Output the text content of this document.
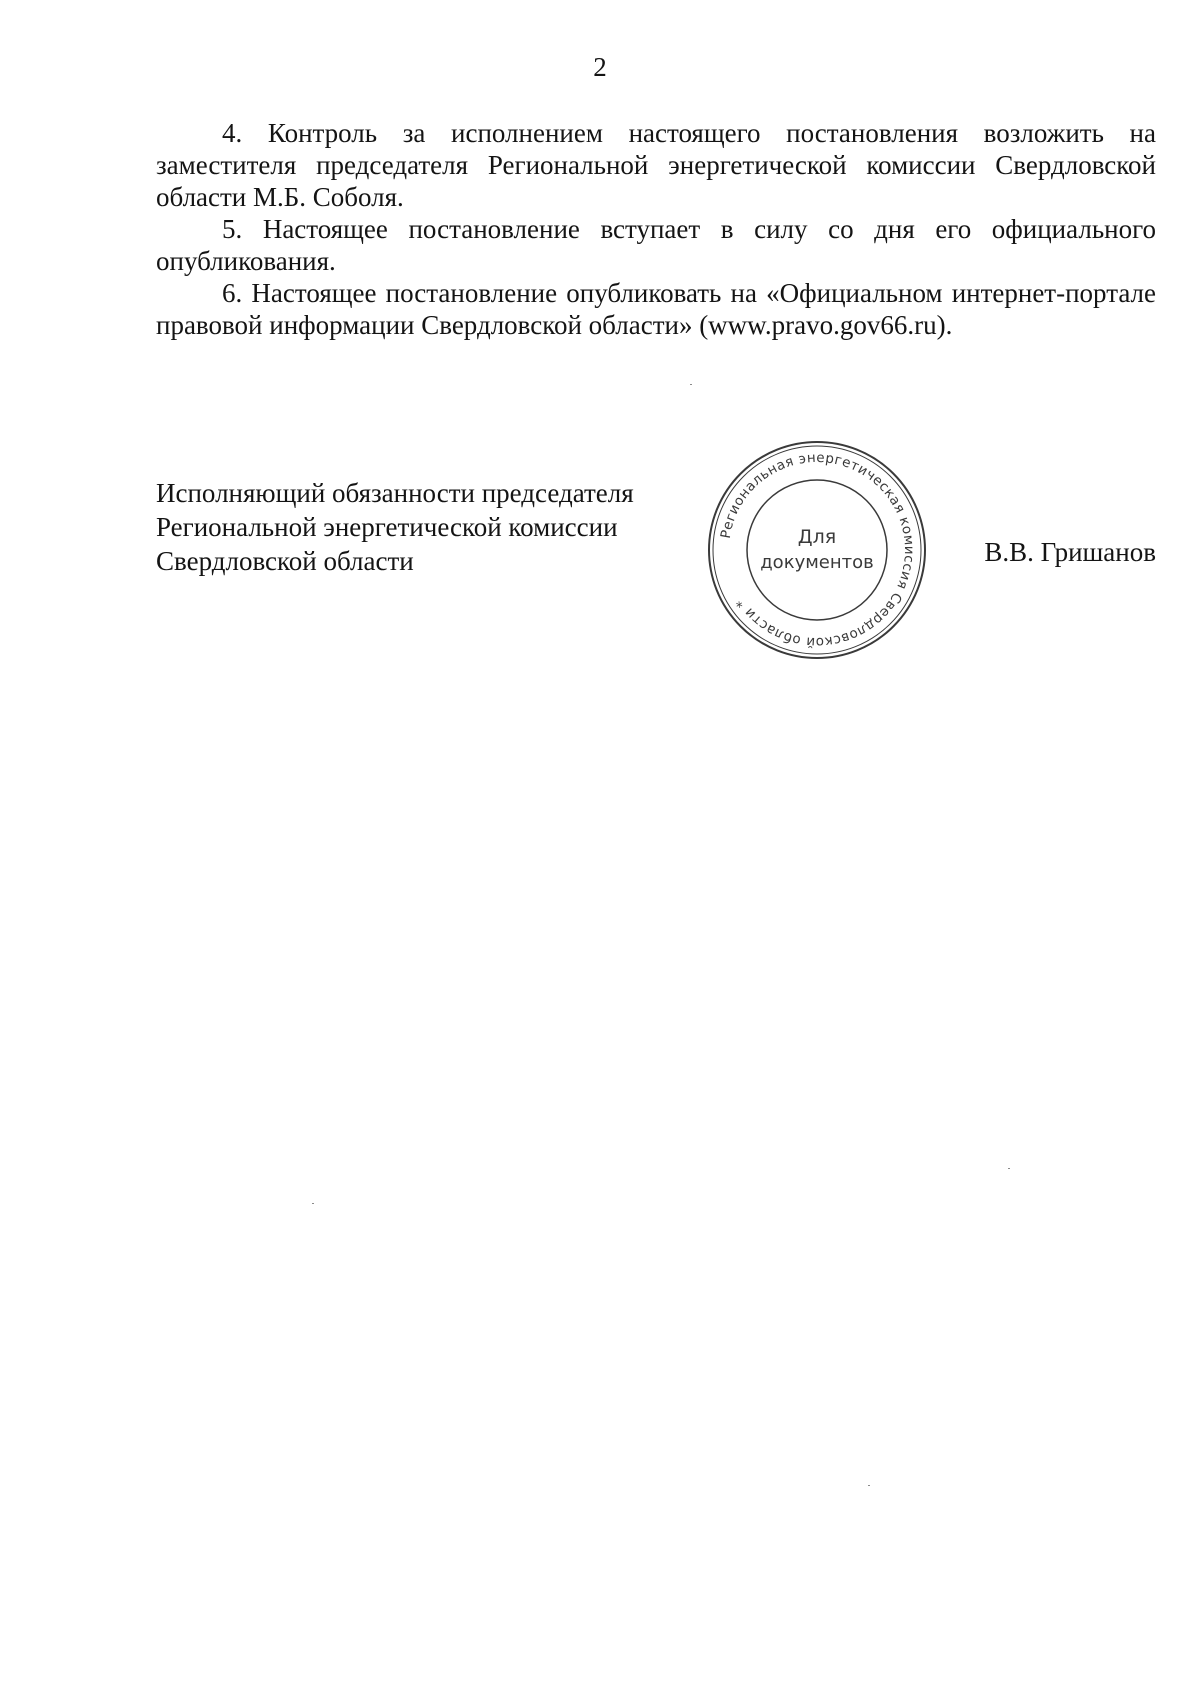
2

4. Контроль за исполнением настоящего постановления возложить на заместителя председателя Региональной энергетической комиссии Свердловской области М.Б. Соболя.

5. Настоящее постановление вступает в силу со дня его официального опубликования.

6. Настоящее постановление опубликовать на «Официальном интернет-портале правовой информации Свердловской области» (www.pravo.gov66.ru).

Исполняющий обязанности председателя
Региональной энергетической комиссии
Свердловской области
Региональная энергетическая комиссия Свердловской области *
Для
документов	В.В. Гришанов
